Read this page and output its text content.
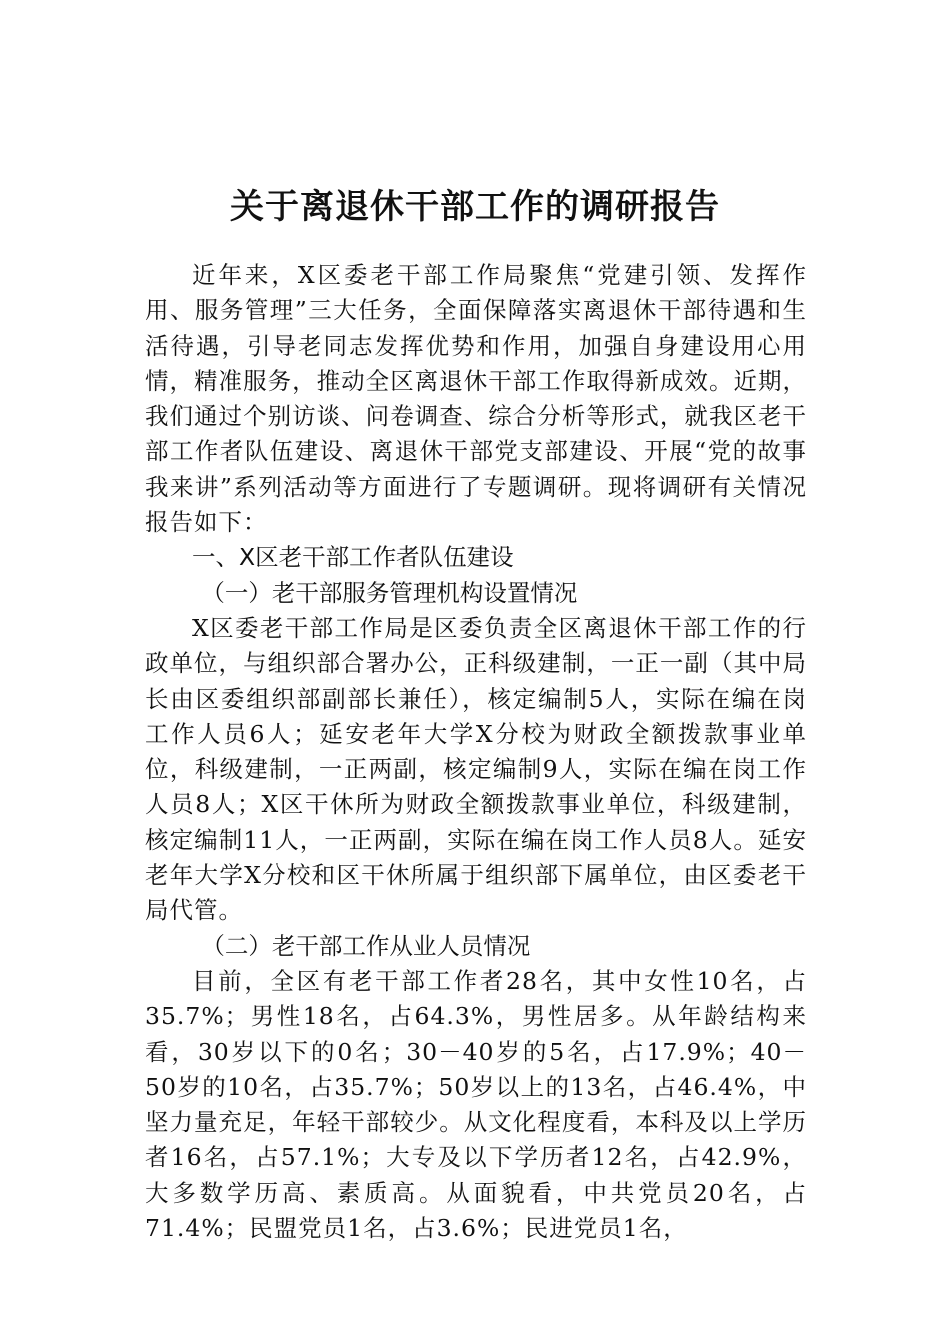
关于离退休干部工作的调研报告

近年来，X区委老干部工作局聚焦“党建引领、发挥作用、服务管理”三大任务，全面保障落实离退休干部待遇和生活待遇，引导老同志发挥优势和作用，加强自身建设用心用情，精准服务，推动全区离退休干部工作取得新成效。近期，我们通过个别访谈、问卷调查、综合分析等形式，就我区老干部工作者队伍建设、离退休干部党支部建设、开展“党的故事我来讲”系列活动等方面进行了专题调研。现将调研有关情况报告如下：

一、X区老干部工作者队伍建设
（一）老干部服务管理机构设置情况

X区委老干部工作局是区委负责全区离退休干部工作的行政单位，与组织部合署办公，正科级建制，一正一副（其中局长由区委组织部副部长兼任），核定编制5人，实际在编在岗工作人员6人；延安老年大学X分校为财政全额拨款事业单位，科级建制，一正两副，核定编制9人，实际在编在岗工作人员8人；X区干休所为财政全额拨款事业单位，科级建制，核定编制11人，一正两副，实际在编在岗工作人员8人。延安老年大学X分校和区干休所属于组织部下属单位，由区委老干局代管。

（二）老干部工作从业人员情况

目前，全区有老干部工作者28名，其中女性10名，占35.7%；男性18名，占64.3%，男性居多。从年龄结构来看，30岁以下的0名；30－40岁的5名，占17.9%；40－50岁的10名，占35.7%；50岁以上的13名，占46.4%，中坚力量充足，年轻干部较少。从文化程度看，本科及以上学历者16名，占57.1%；大专及以下学历者12名，占42.9%，大多数学历高、素质高。从面貌看，中共党员20名，占71.4%；民盟党员1名，占3.6%；民进党员1名，
